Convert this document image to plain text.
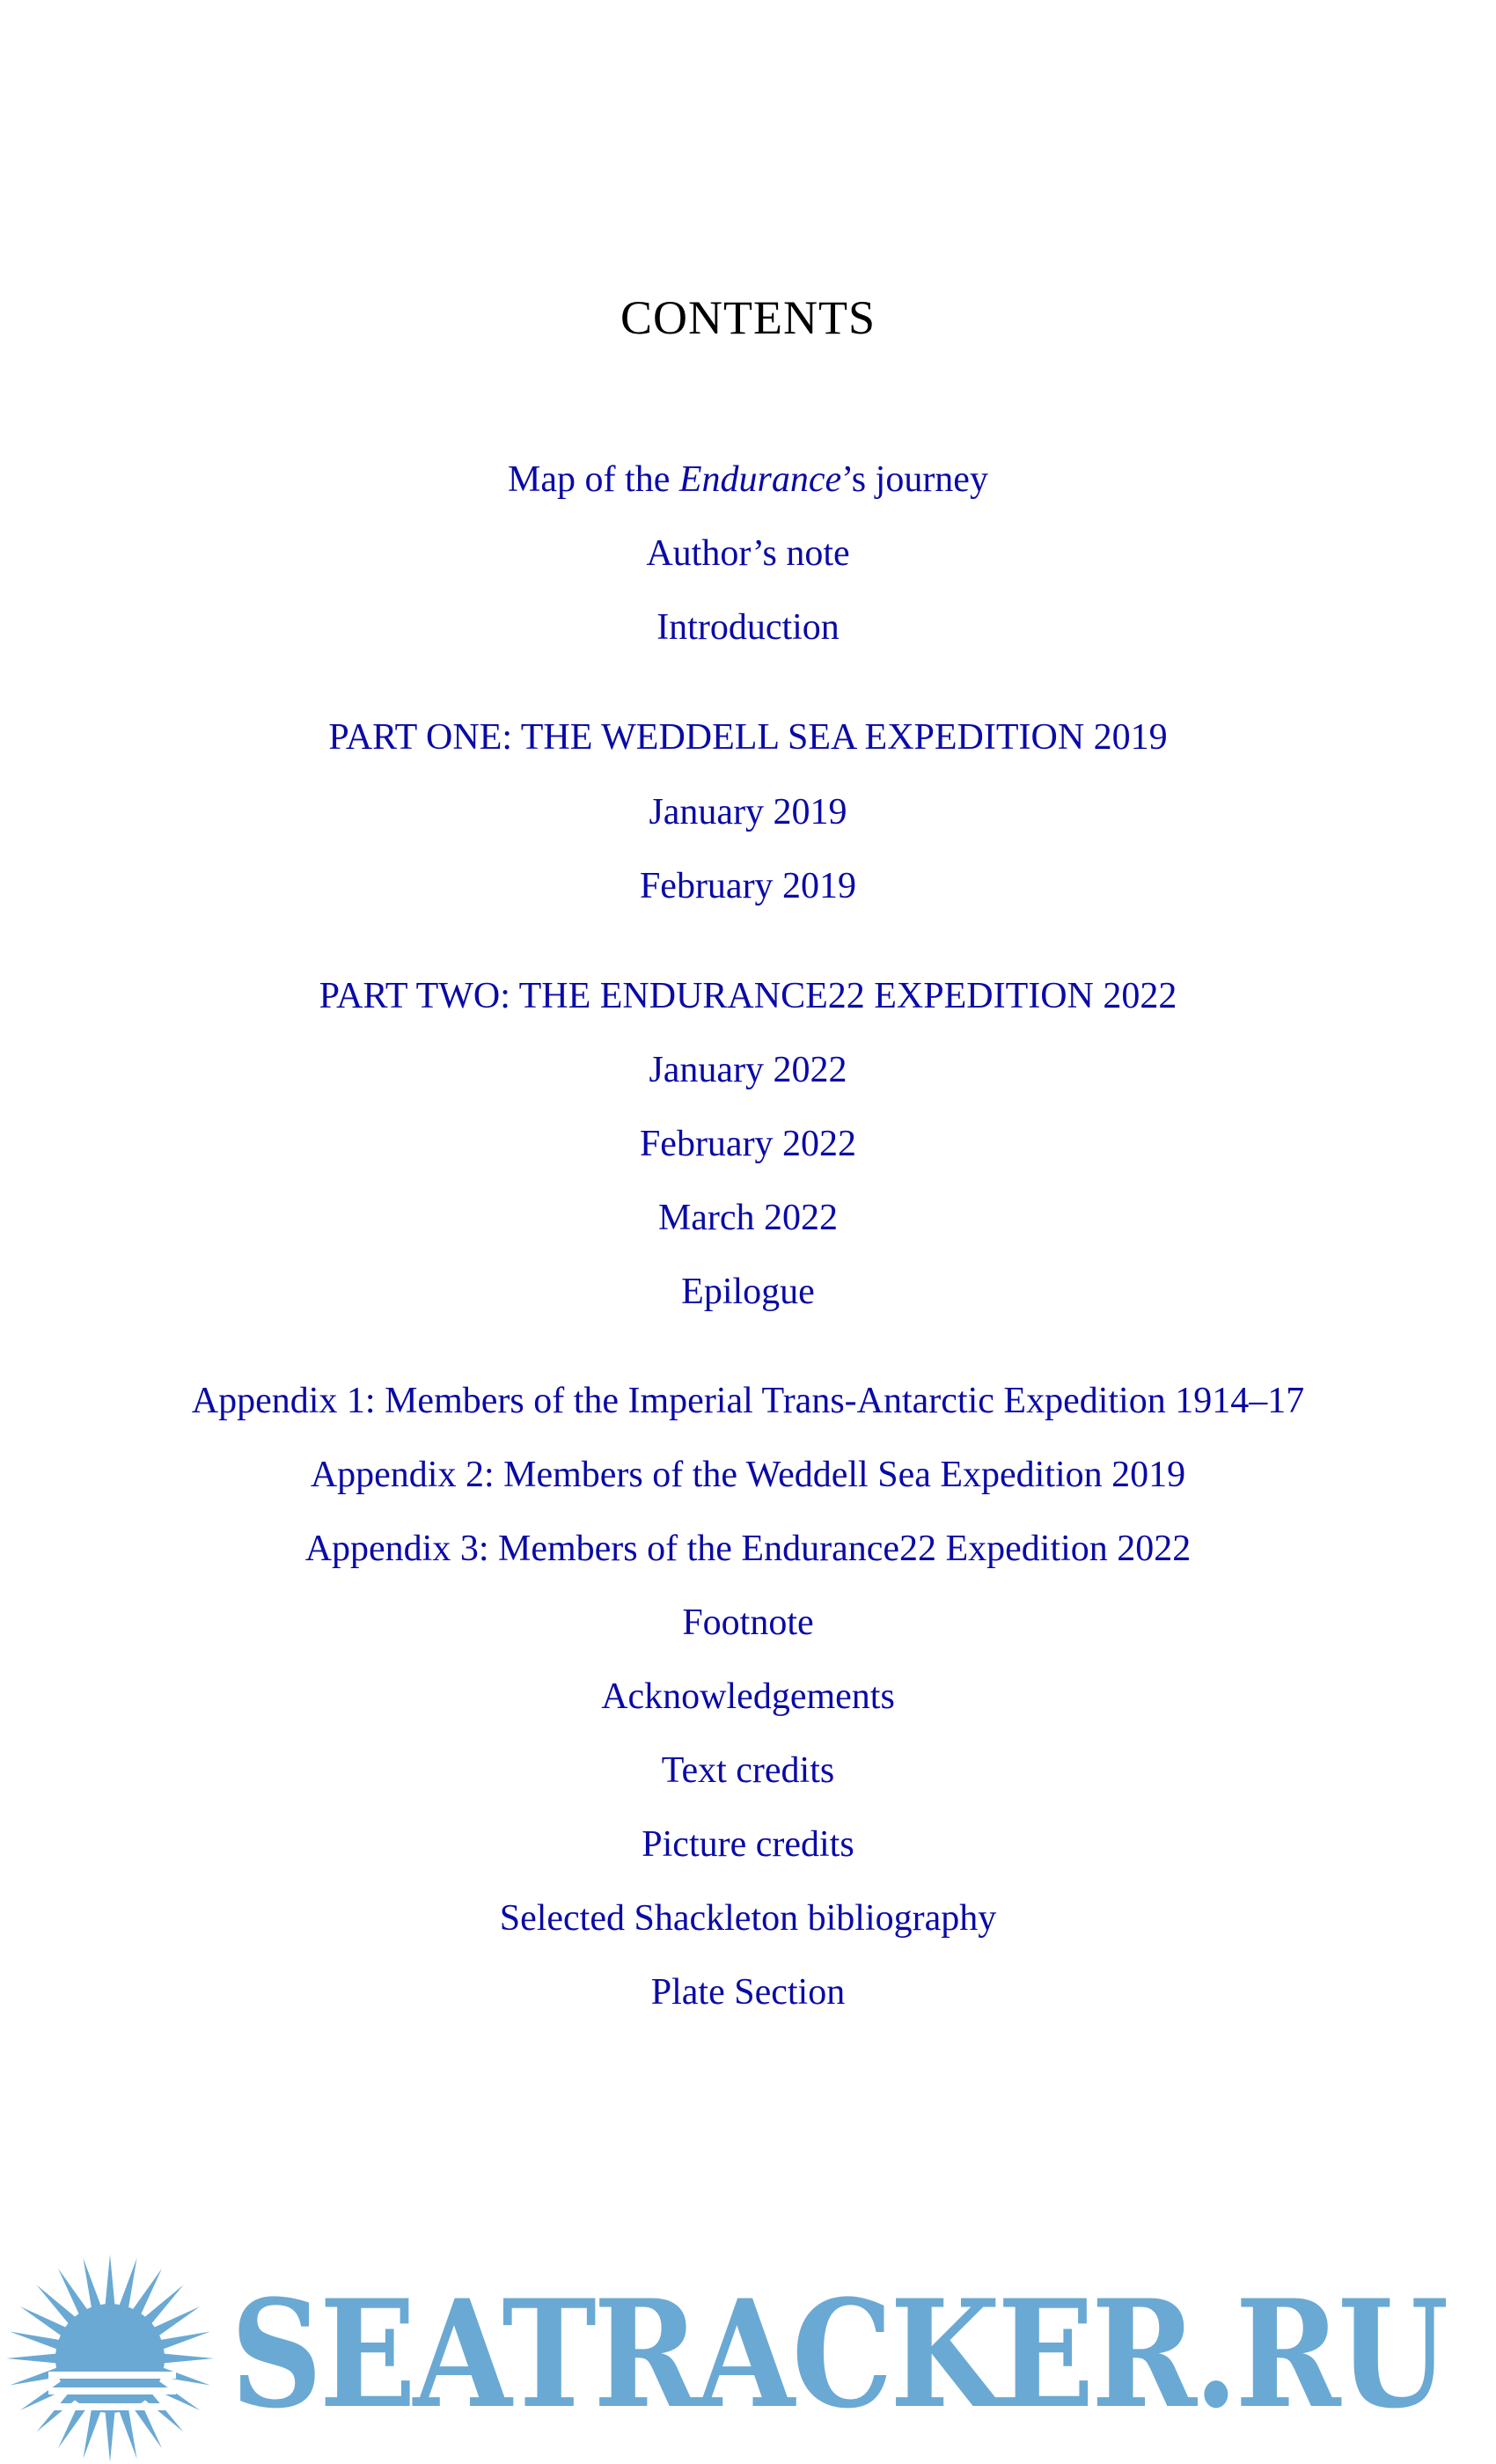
CONTENTS
Map of the Endurance’s journey
Author’s note
Introduction
PART ONE: THE WEDDELL SEA EXPEDITION 2019
January 2019
February 2019
PART TWO: THE ENDURANCE22 EXPEDITION 2022
January 2022
February 2022
March 2022
Epilogue
Appendix 1: Members of the Imperial Trans-Antarctic Expedition 1914–17
Appendix 2: Members of the Weddell Sea Expedition 2019
Appendix 3: Members of the Endurance22 Expedition 2022
Footnote
Acknowledgements
Text credits
Picture credits
Selected Shackleton bibliography
Plate Section
SEATRACKER.RU
